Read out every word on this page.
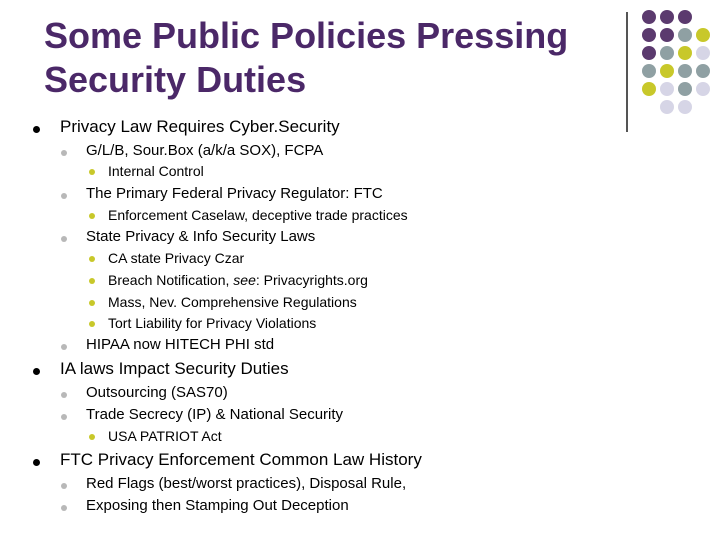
Some Public Policies Pressing
Security Duties
Privacy Law Requires Cyber.Security
G/L/B, Sour.Box (a/k/a SOX), FCPA
Internal Control
The Primary Federal Privacy Regulator: FTC
Enforcement Caselaw, deceptive trade practices
State Privacy & Info Security Laws
CA state Privacy Czar
Breach Notification, see: Privacyrights.org
Mass, Nev. Comprehensive Regulations
Tort Liability for Privacy Violations
HIPAA now HITECH PHI std
IA laws Impact Security Duties
Outsourcing (SAS70)
Trade Secrecy (IP) & National Security
USA PATRIOT Act
FTC Privacy Enforcement Common Law History
Red Flags (best/worst practices), Disposal Rule,
Exposing then Stamping Out Deception
